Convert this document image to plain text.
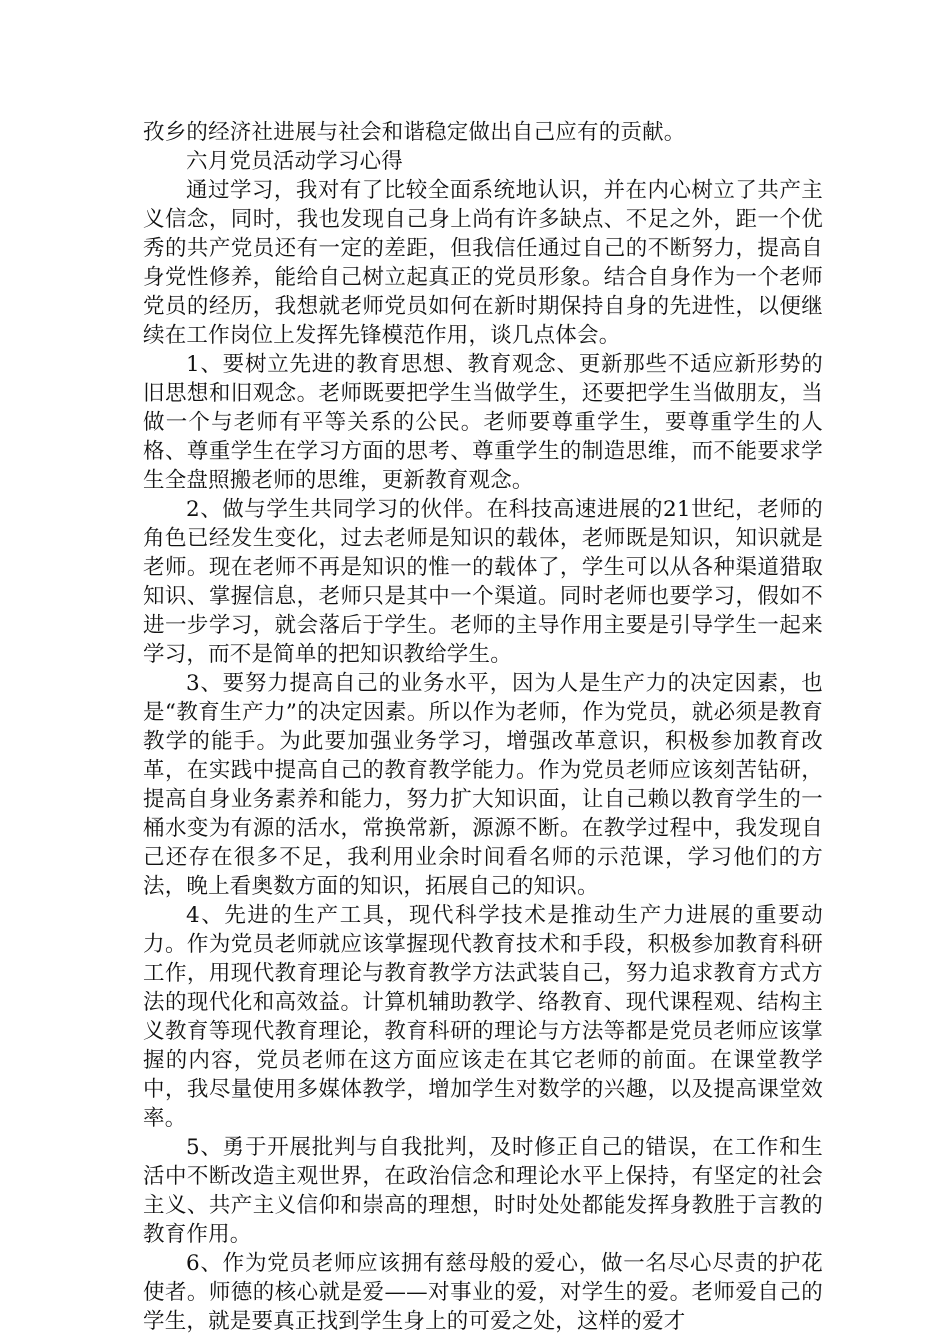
孜乡的经济社进展与社会和谐稳定做出自己应有的贡献。

六月党员活动学习心得

通过学习，我对有了比较全面系统地认识，并在内心树立了共产主义信念，同时，我也发现自己身上尚有许多缺点、不足之外，距一个优秀的共产党员还有一定的差距，但我信任通过自己的不断努力，提高自身党性修养，能给自己树立起真正的党员形象。结合自身作为一个老师党员的经历，我想就老师党员如何在新时期保持自身的先进性，以便继续在工作岗位上发挥先锋模范作用，谈几点体会。

1、要树立先进的教育思想、教育观念、更新那些不适应新形势的旧思想和旧观念。老师既要把学生当做学生，还要把学生当做朋友，当做一个与老师有平等关系的公民。老师要尊重学生，要尊重学生的人格、尊重学生在学习方面的思考、尊重学生的制造思维，而不能要求学生全盘照搬老师的思维，更新教育观念。

2、做与学生共同学习的伙伴。在科技高速进展的21世纪，老师的角色已经发生变化，过去老师是知识的载体，老师既是知识，知识就是老师。现在老师不再是知识的惟一的载体了，学生可以从各种渠道猎取知识、掌握信息，老师只是其中一个渠道。同时老师也要学习，假如不进一步学习，就会落后于学生。老师的主导作用主要是引导学生一起来学习，而不是简单的把知识教给学生。

3、要努力提高自己的业务水平，因为人是生产力的决定因素，也是“教育生产力”的决定因素。所以作为老师，作为党员，就必须是教育教学的能手。为此要加强业务学习，增强改革意识，积极参加教育改革，在实践中提高自己的教育教学能力。作为党员老师应该刻苦钻研，提高自身业务素养和能力，努力扩大知识面，让自己赖以教育学生的一桶水变为有源的活水，常换常新，源源不断。在教学过程中，我发现自己还存在很多不足，我利用业余时间看名师的示范课，学习他们的方法，晚上看奥数方面的知识，拓展自己的知识。

4、先进的生产工具，现代科学技术是推动生产力进展的重要动力。作为党员老师就应该掌握现代教育技术和手段，积极参加教育科研工作，用现代教育理论与教育教学方法武装自己，努力追求教育方式方法的现代化和高效益。计算机辅助教学、络教育、现代课程观、结构主义教育等现代教育理论，教育科研的理论与方法等都是党员老师应该掌握的内容，党员老师在这方面应该走在其它老师的前面。在课堂教学中，我尽量使用多媒体教学，增加学生对数学的兴趣，以及提高课堂效率。

5、勇于开展批判与自我批判，及时修正自己的错误，在工作和生活中不断改造主观世界，在政治信念和理论水平上保持，有坚定的社会主义、共产主义信仰和崇高的理想，时时处处都能发挥身教胜于言教的教育作用。

6、作为党员老师应该拥有慈母般的爱心，做一名尽心尽责的护花使者。师德的核心就是爱——对事业的爱，对学生的爱。老师爱自己的学生，就是要真正找到学生身上的可爱之处，这样的爱才
